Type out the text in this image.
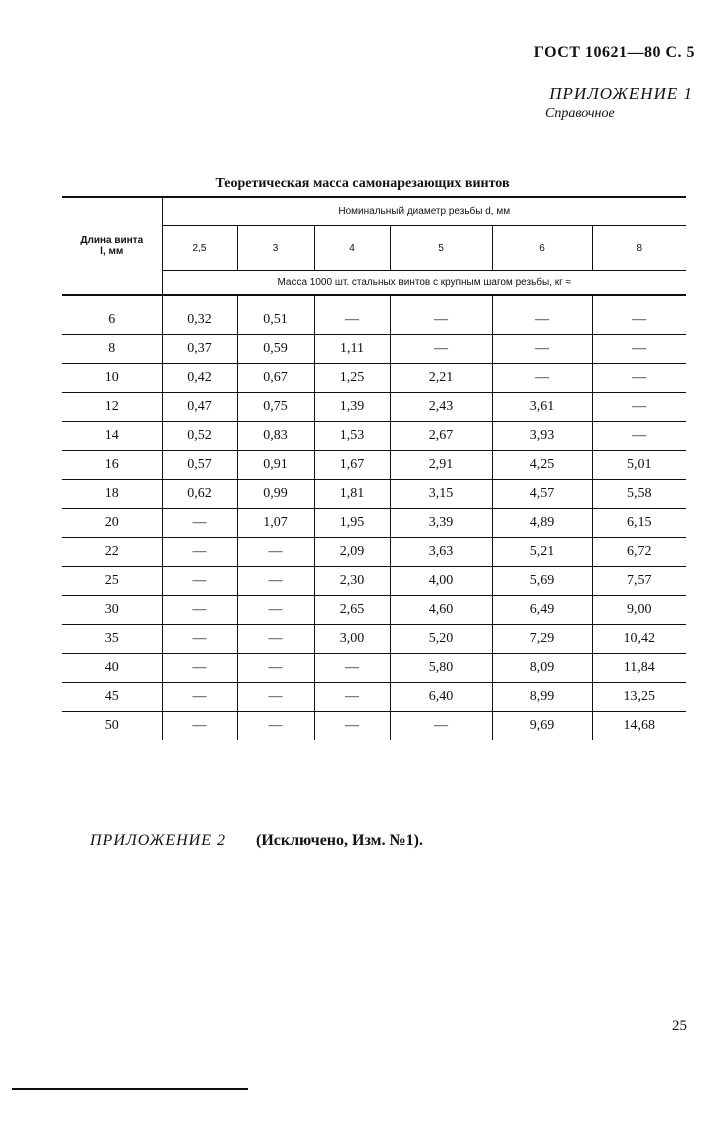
ГОСТ 10621—80 С. 5
ПРИЛОЖЕНИЕ 1
Справочное
Теоретическая масса самонарезающих винтов
Длина винта
l, мм	Номинальный диаметр резьбы d, мм					
	2,5	3	4	5	6	8
	Масса 1000 шт. стальных винтов с крупным шагом резьбы, кг ≈					

6	0,32	0,51	—	—	—	—
8	0,37	0,59	1,11	—	—	—
10	0,42	0,67	1,25	2,21	—	—
12	0,47	0,75	1,39	2,43	3,61	—
14	0,52	0,83	1,53	2,67	3,93	—
16	0,57	0,91	1,67	2,91	4,25	5,01
18	0,62	0,99	1,81	3,15	4,57	5,58
20	—	1,07	1,95	3,39	4,89	6,15
22	—	—	2,09	3,63	5,21	6,72
25	—	—	2,30	4,00	5,69	7,57
30	—	—	2,65	4,60	6,49	9,00
35	—	—	3,00	5,20	7,29	10,42
40	—	—	—	5,80	8,09	11,84
45	—	—	—	6,40	8,99	13,25
50	—	—	—	—	9,69	14,68
ПРИЛОЖЕНИЕ 2 (Исключено, Изм. №1).
25
